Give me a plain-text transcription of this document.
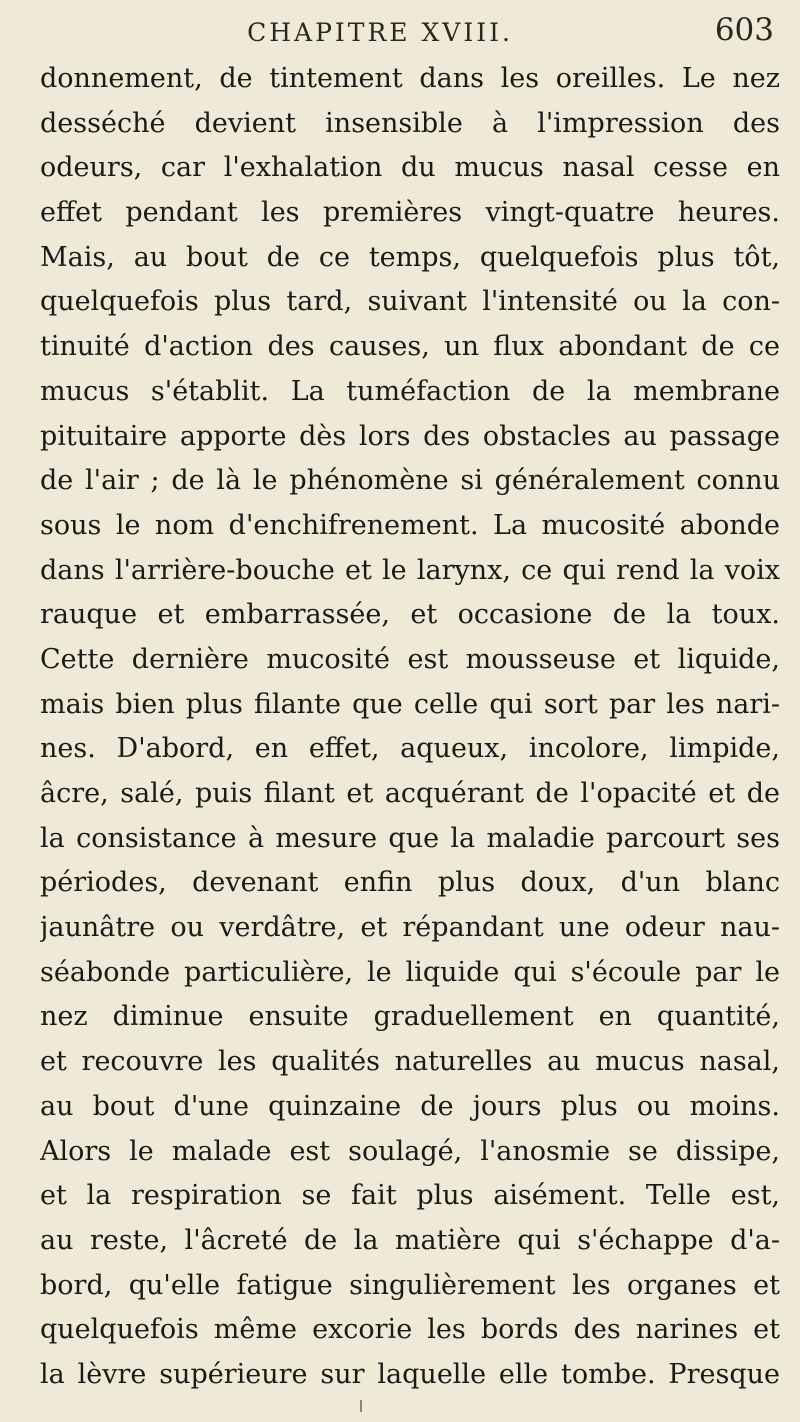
CHAPITRE XVIII.	603
donnement, de tintement dans les oreilles. Le nez
desséché devient insensible à l'impression des
odeurs, car l'exhalation du mucus nasal cesse en
effet pendant les premières vingt-quatre heures.
Mais, au bout de ce temps, quelquefois plus tôt,
quelquefois plus tard, suivant l'intensité ou la con-
tinuité d'action des causes, un flux abondant de ce
mucus s'établit. La tuméfaction de la membrane
pituitaire apporte dès lors des obstacles au passage
de l'air ; de là le phénomène si généralement connu
sous le nom d'enchifrenement. La mucosité abonde
dans l'arrière-bouche et le larynx, ce qui rend la voix
rauque et embarrassée, et occasione de la toux.
Cette dernière mucosité est mousseuse et liquide,
mais bien plus filante que celle qui sort par les nari-
nes. D'abord, en effet, aqueux, incolore, limpide,
âcre, salé, puis filant et acquérant de l'opacité et de
la consistance à mesure que la maladie parcourt ses
périodes, devenant enfin plus doux, d'un blanc
jaunâtre ou verdâtre, et répandant une odeur nau-
séabonde particulière, le liquide qui s'écoule par le
nez diminue ensuite graduellement en quantité,
et recouvre les qualités naturelles au mucus nasal,
au bout d'une quinzaine de jours plus ou moins.
Alors le malade est soulagé, l'anosmie se dissipe,
et la respiration se fait plus aisément. Telle est,
au reste, l'âcreté de la matière qui s'échappe d'a-
bord, qu'elle fatigue singulièrement les organes et
quelquefois même excorie les bords des narines et
la lèvre supérieure sur laquelle elle tombe. Presque
